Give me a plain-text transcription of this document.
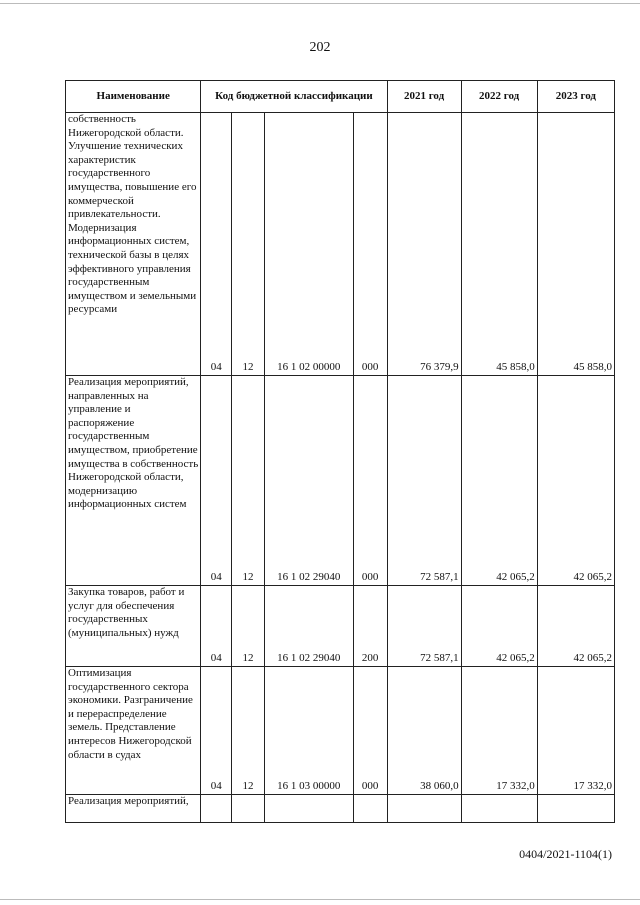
202
Наименование	Код бюджетной классификации				2021 год	2022 год	2023 год
собственность Нижегородской области. Улучшение технических характеристик государственного имущества, повышение его коммерческой привлекательности. Модернизация информационных систем, технической базы в целях эффективного управления государственным имуществом и земельными ресурсами	04	12	16 1 02 00000	000	76 379,9	45 858,0	45 858,0
Реализация мероприятий, направленных на управление и распоряжение государственным имуществом, приобретение имущества в собственность Нижегородской области, модернизацию информационных систем	04	12	16 1 02 29040	000	72 587,1	42 065,2	42 065,2
Закупка товаров, работ и услуг для обеспечения государственных (муниципальных) нужд	04	12	16 1 02 29040	200	72 587,1	42 065,2	42 065,2
Оптимизация государственного сектора экономики. Разграничение и перераспределение земель. Представление интересов Нижегородской области в судах	04	12	16 1 03 00000	000	38 060,0	17 332,0	17 332,0
Реализация мероприятий,							
0404/2021-1104(1)
